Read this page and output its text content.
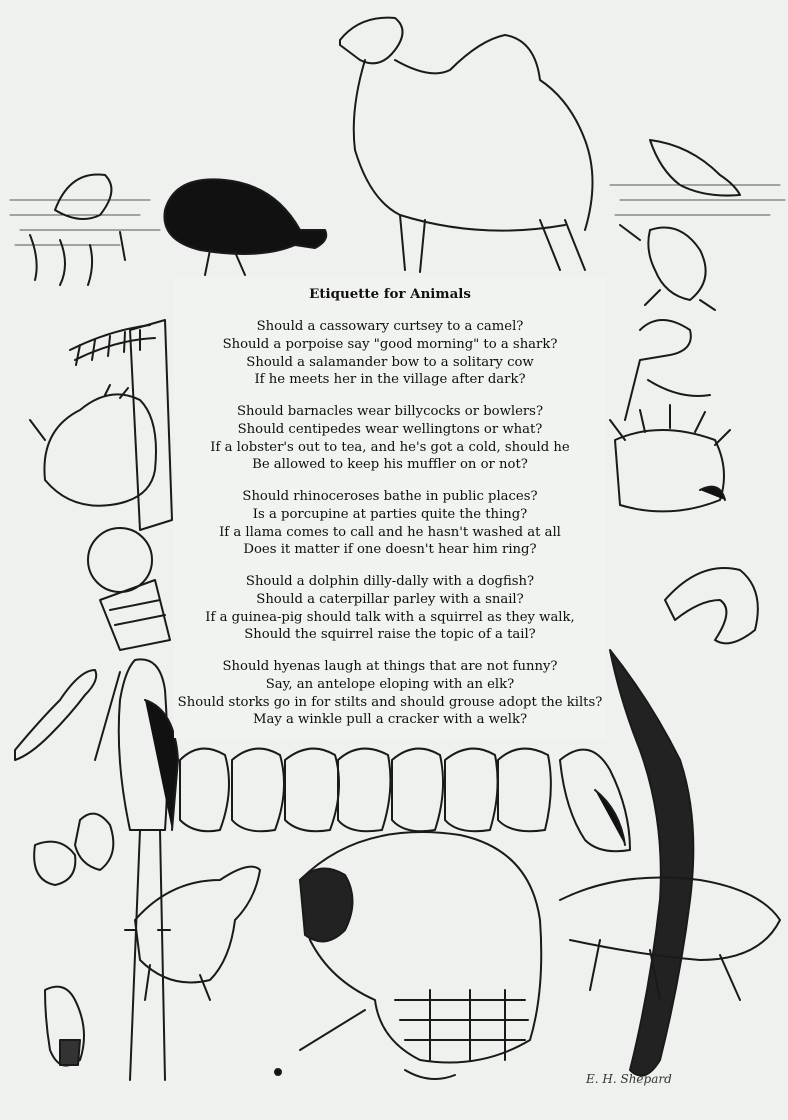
Etiquette for Animals
Should a cassowary curtsey to a camel?
Should a porpoise say "good morning" to a shark?
Should a salamander bow to a solitary cow
If he meets her in the village after dark?
Should barnacles wear billycocks or bowlers?
Should centipedes wear wellingtons or what?
If a lobster's out to tea, and he's got a cold, should he
Be allowed to keep his muffler on or not?
Should rhinoceroses bathe in public places?
Is a porcupine at parties quite the thing?
If a llama comes to call and he hasn't washed at all
Does it matter if one doesn't hear him ring?
Should a dolphin dilly-dally with a dogfish?
Should a caterpillar parley with a snail?
If a guinea-pig should talk with a squirrel as they walk,
Should the squirrel raise the topic of a tail?
Should hyenas laugh at things that are not funny?
Say, an antelope eloping with an elk?
Should storks go in for stilts and should grouse adopt the kilts?
May a winkle pull a cracker with a welk?
E. H. Shepard
